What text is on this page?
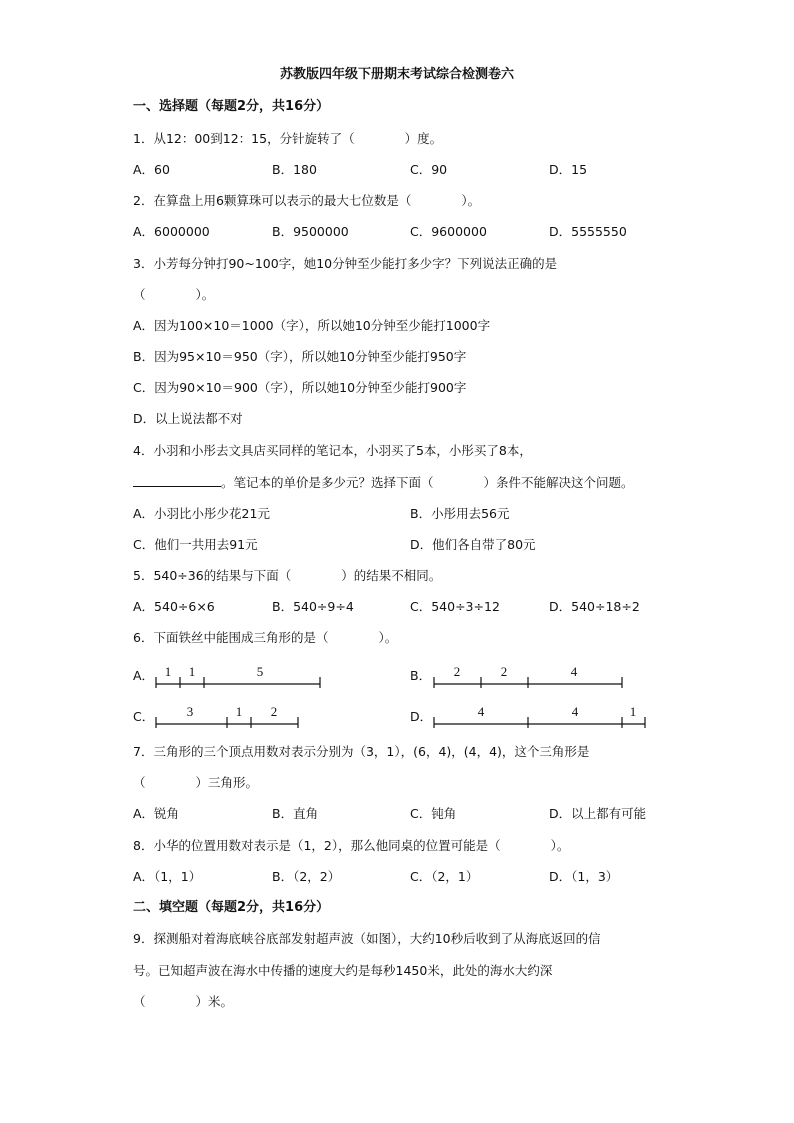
苏教版四年级下册期末考试综合检测卷六
一、选择题（每题2分，共16分）
1．从12：00到12：15，分针旋转了（　　　　）度。
A．60	B．180	C．90	D．15
2．在算盘上用6颗算珠可以表示的最大七位数是（　　　　）。
A．6000000	B．9500000	C．9600000	D．5555550
3．小芳每分钟打90~100字，她10分钟至少能打多少字？下列说法正确的是
（　　　　）。
A．因为100×10＝1000（字），所以她10分钟至少能打1000字
B．因为95×10＝950（字），所以她10分钟至少能打950字
C．因为90×10＝900（字），所以她10分钟至少能打900字
D．以上说法都不对
4．小羽和小彤去文具店买同样的笔记本，小羽买了5本，小彤买了8本，
。笔记本的单价是多少元？选择下面（　　　　）条件不能解决这个问题。
A．小羽比小彤少花21元	B．小彤用去56元
C．他们一共用去91元	D．他们各自带了80元
5．540÷36的结果与下面（　　　　）的结果不相同。
A．540÷6×6	B．540÷9÷4	C．540÷3÷12	D．540÷18÷2
6．下面铁丝中能围成三角形的是（　　　　）。
A． 1 1	5	B． 2	2	4
C．	3	1 2	D．	4	4	1
7．三角形的三个顶点用数对表示分别为（3，1），(6，4)，(4，4)，这个三角形是
（　　　　）三角形。
A．锐角	B．直角	C．钝角	D．以上都有可能
8．小华的位置用数对表示是（1，2），那么他同桌的位置可能是（　　　　）。
A．（1，1）	B．（2，2）	C．（2，1）	D．（1，3）
二、填空题（每题2分，共16分）
9．探测船对着海底峡谷底部发射超声波（如图），大约10秒后收到了从海底返回的信
号。已知超声波在海水中传播的速度大约是每秒1450米，此处的海水大约深
（　　　　）米。
